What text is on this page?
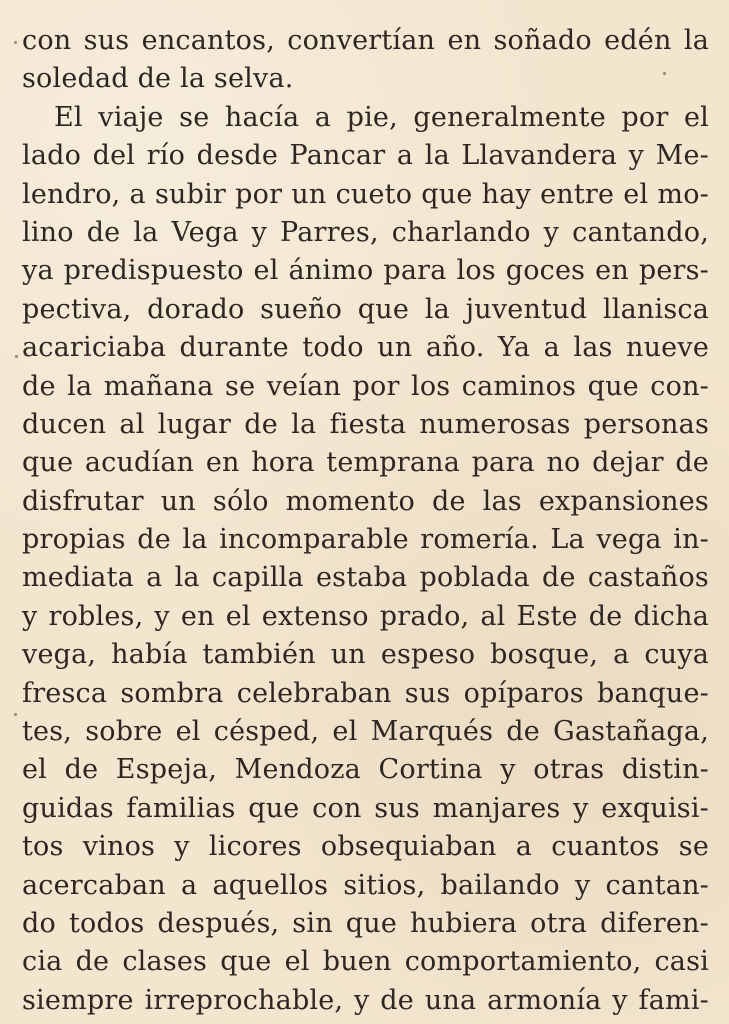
con sus encantos, convertían en soñado edén la
soledad de la selva.
El viaje se hacía a pie, generalmente por el
lado del río desde Pancar a la Llavandera y Me-
lendro, a subir por un cueto que hay entre el mo-
lino de la Vega y Parres, charlando y cantando,
ya predispuesto el ánimo para los goces en pers-
pectiva, dorado sueño que la juventud llanisca
acariciaba durante todo un año. Ya a las nueve
de la mañana se veían por los caminos que con-
ducen al lugar de la fiesta numerosas personas
que acudían en hora temprana para no dejar de
disfrutar un sólo momento de las expansiones
propias de la incomparable romería. La vega in-
mediata a la capilla estaba poblada de castaños
y robles, y en el extenso prado, al Este de dicha
vega, había también un espeso bosque, a cuya
fresca sombra celebraban sus opíparos banque-
tes, sobre el césped, el Marqués de Gastañaga,
el de Espeja, Mendoza Cortina y otras distin-
guidas familias que con sus manjares y exquisi-
tos vinos y licores obsequiaban a cuantos se
acercaban a aquellos sitios, bailando y cantan-
do todos después, sin que hubiera otra diferen-
cia de clases que el buen comportamiento, casi
siempre irreprochable, y de una armonía y fami-
